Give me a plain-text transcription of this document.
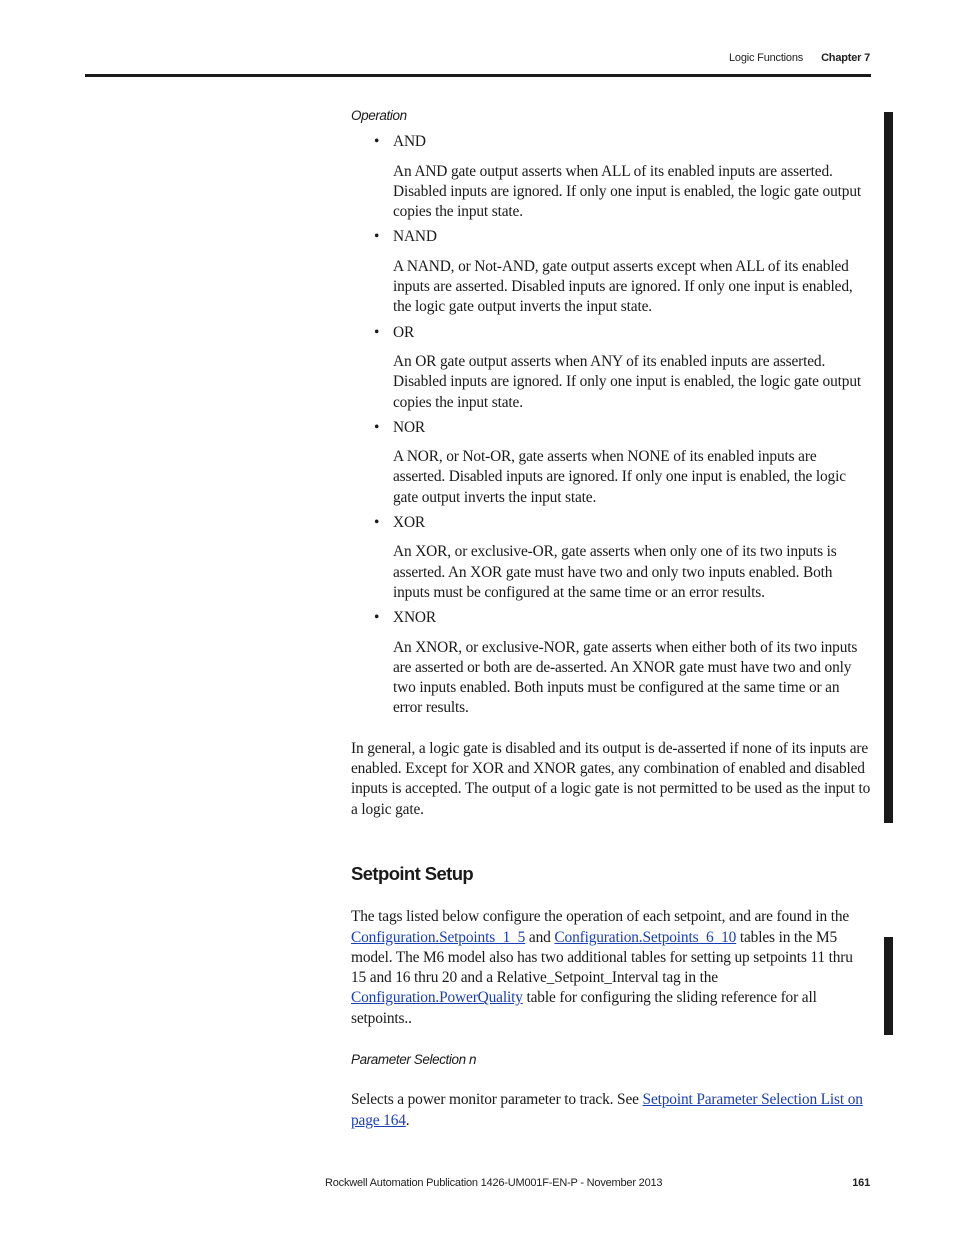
Logic Functions Chapter 7

Operation

• AND

An AND gate output asserts when ALL of its enabled inputs are asserted. Disabled inputs are ignored. If only one input is enabled, the logic gate output copies the input state.

• NAND

A NAND, or Not-AND, gate output asserts except when ALL of its enabled inputs are asserted. Disabled inputs are ignored. If only one input is enabled, the logic gate output inverts the input state.

• OR

An OR gate output asserts when ANY of its enabled inputs are asserted. Disabled inputs are ignored. If only one input is enabled, the logic gate output copies the input state.

• NOR

A NOR, or Not-OR, gate asserts when NONE of its enabled inputs are asserted. Disabled inputs are ignored. If only one input is enabled, the logic gate output inverts the input state.

• XOR

An XOR, or exclusive-OR, gate asserts when only one of its two inputs is asserted. An XOR gate must have two and only two inputs enabled. Both inputs must be configured at the same time or an error results.

• XNOR

An XNOR, or exclusive-NOR, gate asserts when either both of its two inputs are asserted or both are de-asserted. An XNOR gate must have two and only two inputs enabled. Both inputs must be configured at the same time or an error results.

In general, a logic gate is disabled and its output is de-asserted if none of its inputs are enabled. Except for XOR and XNOR gates, any combination of enabled and disabled inputs is accepted. The output of a logic gate is not permitted to be used as the input to a logic gate.

Setpoint Setup

The tags listed below configure the operation of each setpoint, and are found in the Configuration.Setpoints_1_5 and Configuration.Setpoints_6_10 tables in the M5 model. The M6 model also has two additional tables for setting up setpoints 11 thru 15 and 16 thru 20 and a Relative_Setpoint_Interval tag in the Configuration.PowerQuality table for configuring the sliding reference for all setpoints..

Parameter Selection n

Selects a power monitor parameter to track. See Setpoint Parameter Selection List on page 164.

Rockwell Automation Publication 1426-UM001F-EN-P - November 2013	161
